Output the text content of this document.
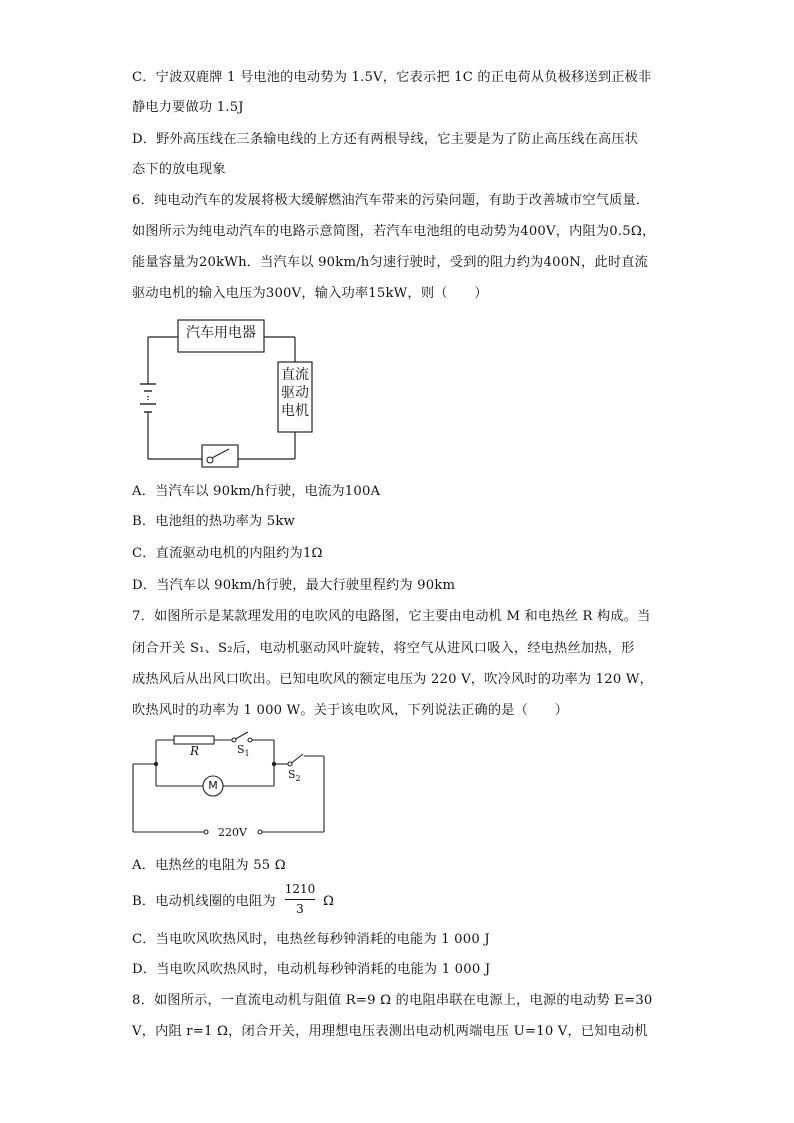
C．宁波双鹿牌 1 号电池的电动势为 1.5V，它表示把 1C 的正电荷从负极移送到正极非
静电力要做功 1.5J
D．野外高压线在三条输电线的上方还有两根导线，它主要是为了防止高压线在高压状
态下的放电现象
6．纯电动汽车的发展将极大缓解燃油汽车带来的污染问题，有助于改善城市空气质量．
如图所示为纯电动汽车的电路示意简图，若汽车电池组的电动势为400V，内阻为0.5Ω，
能量容量为20kWh．当汽车以 90km/h匀速行驶时，受到的阻力约为400N，此时直流
驱动电机的输入电压为300V，输入功率15kW，则（　　）
汽车用电器
直流
驱动
电机
A．当汽车以 90km/h行驶，电流为100A
B．电池组的热功率为 5kw
C．直流驱动电机的内阻约为1Ω
D．当汽车以 90km/h行驶，最大行驶里程约为 90km
7．如图所示是某款理发用的电吹风的电路图，它主要由电动机 M 和电热丝 R 构成。当
闭合开关 S₁、S₂后，电动机驱动风叶旋转，将空气从进风口吸入，经电热丝加热，形
成热风后从出风口吹出。已知电吹风的额定电压为 220 V，吹冷风时的功率为 120 W，
吹热风时的功率为 1 000 W。关于该电吹风，下列说法正确的是（　　）
R	$S_1$
$S_2$
M
220V
A．电热丝的电阻为 55 Ω
B．电动机线圈的电阻为
1210
3	Ω
C．当电吹风吹热风时，电热丝每秒钟消耗的电能为 1 000 J
D．当电吹风吹热风时，电动机每秒钟消耗的电能为 1 000 J
8．如图所示，一直流电动机与阻值 R=9 Ω 的电阻串联在电源上，电源的电动势 E=30
V，内阻 r=1 Ω，闭合开关，用理想电压表测出电动机两端电压 U=10 V，已知电动机
